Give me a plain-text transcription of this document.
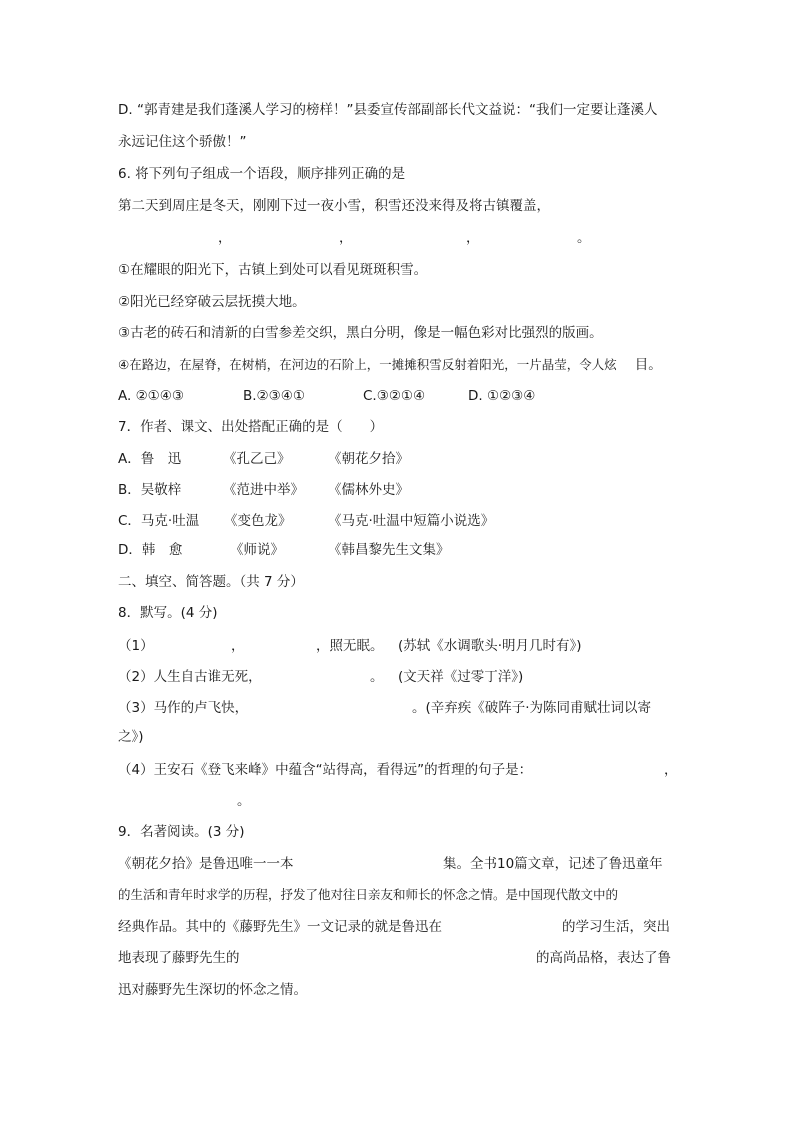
D. “郭青建是我们蓬溪人学习的榜样！”县委宣传部副部长代文益说：“我们一定要让蓬溪人
永远记住这个骄傲！”
6. 将下列句子组成一个语段，顺序排列正确的是
第二天到周庄是冬天，刚刚下过一夜小雪，积雪还没来得及将古镇覆盖，
，	，	，	。
①在耀眼的阳光下，古镇上到处可以看见斑斑积雪。
②阳光已经穿破云层抚摸大地。
③古老的砖石和清新的白雪参差交织，黑白分明，像是一幅色彩对比强烈的版画。
④在路边，在屋脊，在树梢，在河边的石阶上，一摊摊积雪反射着阳光，一片晶莹，令人炫 目。
A. ②①④③	B.②③④①	C.③②①④	D. ①②③④
7．作者、课文、出处搭配正确的是（　　）
A．鲁　迅	《孔乙己》	《朝花夕拾》
B．吴敬梓	《范进中举》 《儒林外史》
C．马克·吐温 《变色龙》	《马克·吐温中短篇小说选》
D．韩　愈	《师说》	《韩昌黎先生文集》
二、填空、简答题。（共 7 分）
8．默写。(4 分)
（1）	，	，照无眠。 (苏轼《水调歌头·明月几时有》)
（2）人生自古谁无死，	。 (文天祥《过零丁洋》)
（3）马作的卢飞快，	。(辛弃疾《破阵子·为陈同甫赋壮词以寄
之》)
（4）王安石《登飞来峰》中蕴含“站得高，看得远”的哲理的句子是：	，
。
9．名著阅读。(3 分)
《朝花夕拾》是鲁迅唯一一本	集。全书10篇文章，记述了鲁迅童年
的生活和青年时求学的历程，抒发了他对往日亲友和师长的怀念之情。是中国现代散文中的
经典作品。其中的《藤野先生》一文记录的就是鲁迅在	的学习生活，突出
地表现了藤野先生的	的高尚品格，表达了鲁
迅对藤野先生深切的怀念之情。
